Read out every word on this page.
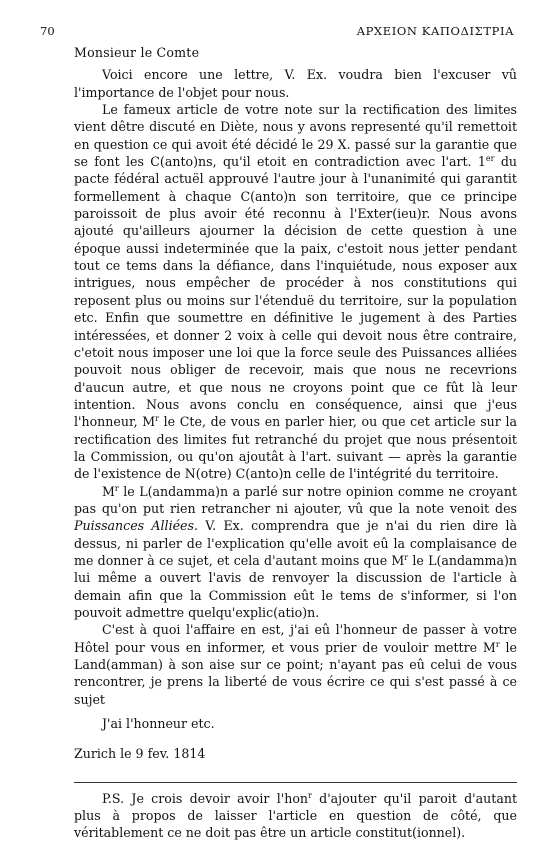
70	ΑΡΧΕΙΟΝ ΚΑΠΟΔΙΣΤΡΙΑ

Monsieur le Comte

Voici encore une lettre, V. Ex. voudra bien l'excuser vû l'importance de l'objet pour nous.

Le fameux article de votre note sur la rectification des limites vient dêtre discuté en Diète, nous y avons representé qu'il remettoit en question ce qui avoit été décidé le 29 X. passé sur la garantie que se font les C(anto)ns, qu'il etoit en contradiction avec l'art. 1er du pacte fédéral actuël approuvé l'autre jour à l'unanimité qui garantit formellement à chaque C(anto)n son territoire, que ce principe paroissoit de plus avoir été reconnu à l'Exter(ieu)r. Nous avons ajouté qu'ailleurs ajourner la décision de cette question à une époque aussi indeterminée que la paix, c'estoit nous jetter pendant tout ce tems dans la défiance, dans l'inquiétude, nous exposer aux intrigues, nous empêcher de procéder à nos constitutions qui reposent plus ou moins sur l'étenduë du territoire, sur la population etc. Enfin que soumettre en définitive le jugement à des Parties intéressées, et donner 2 voix à celle qui devoit nous être contraire, c'etoit nous imposer une loi que la force seule des Puissances alliées pouvoit nous obliger de recevoir, mais que nous ne recevrions d'aucun autre, et que nous ne croyons point que ce fût là leur intention. Nous avons conclu en conséquence, ainsi que j'eus l'honneur, $M^r$ le Cte, de vous en parler hier, ou que cet article sur la rectification des limites fut retranché du projet que nous présentoit la Commission, ou qu'on ajoutât à l'art. suivant — après la garantie de l'existence de N(otre) C(anto)n celle de l'intégrité du territoire.

$M^r$ le L(andamma)n a parlé sur notre opinion comme ne croyant pas qu'on put rien retrancher ni ajouter, vû que la note venoit des Puissances Alliées. V. Ex. comprendra que je n'ai du rien dire là dessus, ni parler de l'explication qu'elle avoit eû la complaisance de me donner à ce sujet, et cela d'autant moins que $M^r$ le L(andamma)n lui même a ouvert l'avis de renvoyer la discussion de l'article à demain afin que la Commission eût le tems de s'informer, si l'on pouvoit admettre quelqu'explic(atio)n.

C'est à quoi l'affaire en est, j'ai eû l'honneur de passer à votre Hôtel pour vous en informer, et vous prier de vouloir mettre $M^r$ le Land(amman) à son aise sur ce point; n'ayant pas eû celui de vous rencontrer, je prens la liberté de vous écrire ce qui s'est passé à ce sujet

J'ai l'honneur etc.

Zurich le 9 fev. 1814

P.S. Je crois devoir avoir l'hon$^r$ d'ajouter qu'il paroit d'autant plus à propos de laisser l'article en question de côté, que véritablement ce ne doit pas être un article constitut(ionnel).
